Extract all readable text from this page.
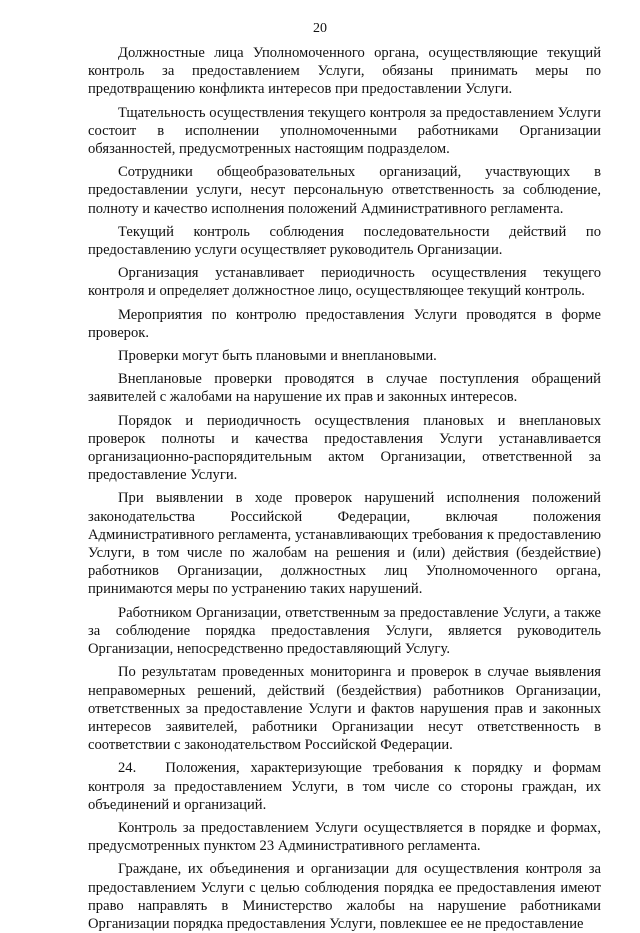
20

Должностные лица Уполномоченного органа, осуществляющие текущий контроль за предоставлением Услуги, обязаны принимать меры по предотвращению конфликта интересов при предоставлении Услуги.

Тщательность осуществления текущего контроля за предоставлением Услуги состоит в исполнении уполномоченными работниками Организации обязанностей, предусмотренных настоящим подразделом.

Сотрудники общеобразовательных организаций, участвующих в предоставлении услуги, несут персональную ответственность за соблюдение, полноту и качество исполнения положений Административного регламента.

Текущий контроль соблюдения последовательности действий по предоставлению услуги осуществляет руководитель Организации.

Организация устанавливает периодичность осуществления текущего контроля и определяет должностное лицо, осуществляющее текущий контроль.

Мероприятия по контролю предоставления Услуги проводятся в форме проверок.

Проверки могут быть плановыми и внеплановыми.

Внеплановые проверки проводятся в случае поступления обращений заявителей с жалобами на нарушение их прав и законных интересов.

Порядок и периодичность осуществления плановых и внеплановых проверок полноты и качества предоставления Услуги устанавливается организационно-распорядительным актом Организации, ответственной за предоставление Услуги.

При выявлении в ходе проверок нарушений исполнения положений законодательства Российской Федерации, включая положения Административного регламента, устанавливающих требования к предоставлению Услуги, в том числе по жалобам на решения и (или) действия (бездействие) работников Организации, должностных лиц Уполномоченного органа, принимаются меры по устранению таких нарушений.

Работником Организации, ответственным за предоставление Услуги, а также за соблюдение порядка предоставления Услуги, является руководитель Организации, непосредственно предоставляющий Услугу.

По результатам проведенных мониторинга и проверок в случае выявления неправомерных решений, действий (бездействия) работников Организации, ответственных за предоставление Услуги и фактов нарушения прав и законных интересов заявителей, работники Организации несут ответственность в соответствии с законодательством Российской Федерации.

24.  Положения, характеризующие требования к порядку и формам контроля за предоставлением Услуги, в том числе со стороны граждан, их объединений и организаций.

Контроль за предоставлением Услуги осуществляется в порядке и формах, предусмотренных пунктом 23 Административного регламента.

Граждане, их объединения и организации для осуществления контроля за предоставлением Услуги с целью соблюдения порядка ее предоставления имеют право направлять в Министерство жалобы на нарушение работниками Организации порядка предоставления Услуги, повлекшее ее не предоставление
